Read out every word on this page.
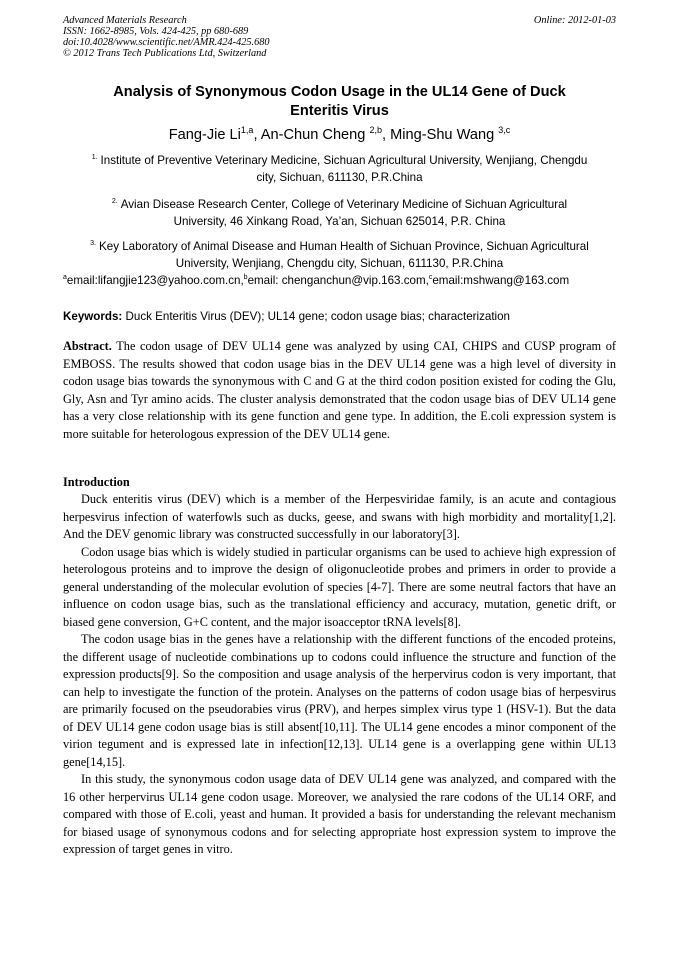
Advanced Materials Research
ISSN: 1662-8985, Vols. 424-425, pp 680-689
doi:10.4028/www.scientific.net/AMR.424-425.680
© 2012 Trans Tech Publications Ltd, Switzerland
Online: 2012-01-03
Analysis of Synonymous Codon Usage in the UL14 Gene of Duck
Enteritis Virus
Fang-Jie Li$^{1,a}$, An-Chun Cheng $^{2,b}$, Ming-Shu Wang $^{3,c}$
$^{1.}$ Institute of Preventive Veterinary Medicine, Sichuan Agricultural University, Wenjiang, Chengdu
city, Sichuan, 611130, P.R.China
$^{2.}$ Avian Disease Research Center, College of Veterinary Medicine of Sichuan Agricultural
University, 46 Xinkang Road, Ya’an, Sichuan 625014, P.R. China
$^{3.}$ Key Laboratory of Animal Disease and Human Health of Sichuan Province, Sichuan Agricultural
University, Wenjiang, Chengdu city, Sichuan, 611130, P.R.China
$^a$email:lifangjie123@yahoo.com.cn,$^b$email: chenganchun@vip.163.com,$^c$email:mshwang@163.com
Keywords: Duck Enteritis Virus (DEV); UL14 gene; codon usage bias; characterization
Abstract. The codon usage of DEV UL14 gene was analyzed by using CAI, CHIPS and CUSP program of EMBOSS. The results showed that codon usage bias in the DEV UL14 gene was a high level of diversity in codon usage bias towards the synonymous with C and G at the third codon position existed for coding the Glu, Gly, Asn and Tyr amino acids. The cluster analysis demonstrated that the codon usage bias of DEV UL14 gene has a very close relationship with its gene function and gene type. In addition, the E.coli expression system is more suitable for heterologous expression of the DEV UL14 gene.
Introduction

Duck enteritis virus (DEV) which is a member of the Herpesviridae family, is an acute and contagious herpesvirus infection of waterfowls such as ducks, geese, and swans with high morbidity and mortality[1,2]. And the DEV genomic library was constructed successfully in our laboratory[3].

Codon usage bias which is widely studied in particular organisms can be used to achieve high expression of heterologous proteins and to improve the design of oligonucleotide probes and primers in order to provide a general understanding of the molecular evolution of species [4-7]. There are some neutral factors that have an influence on codon usage bias, such as the translational efficiency and accuracy, mutation, genetic drift, or biased gene conversion, G+C content, and the major isoacceptor tRNA levels[8].

The codon usage bias in the genes have a relationship with the different functions of the encoded proteins, the different usage of nucleotide combinations up to codons could influence the structure and function of the expression products[9]. So the composition and usage analysis of the herpervirus codon is very important, that can help to investigate the function of the protein. Analyses on the patterns of codon usage bias of herpesvirus are primarily focused on the pseudorabies virus (PRV), and herpes simplex virus type 1 (HSV-1). But the data of DEV UL14 gene codon usage bias is still absent[10,11]. The UL14 gene encodes a minor component of the virion tegument and is expressed late in infection[12,13]. UL14 gene is a overlapping gene within UL13 gene[14,15].

In this study, the synonymous codon usage data of DEV UL14 gene was analyzed, and compared with the 16 other herpervirus UL14 gene codon usage. Moreover, we analysied the rare codons of the UL14 ORF, and compared with those of E.coli, yeast and human. It provided a basis for understanding the relevant mechanism for biased usage of synonymous codons and for selecting appropriate host expression system to improve the expression of target genes in vitro.
